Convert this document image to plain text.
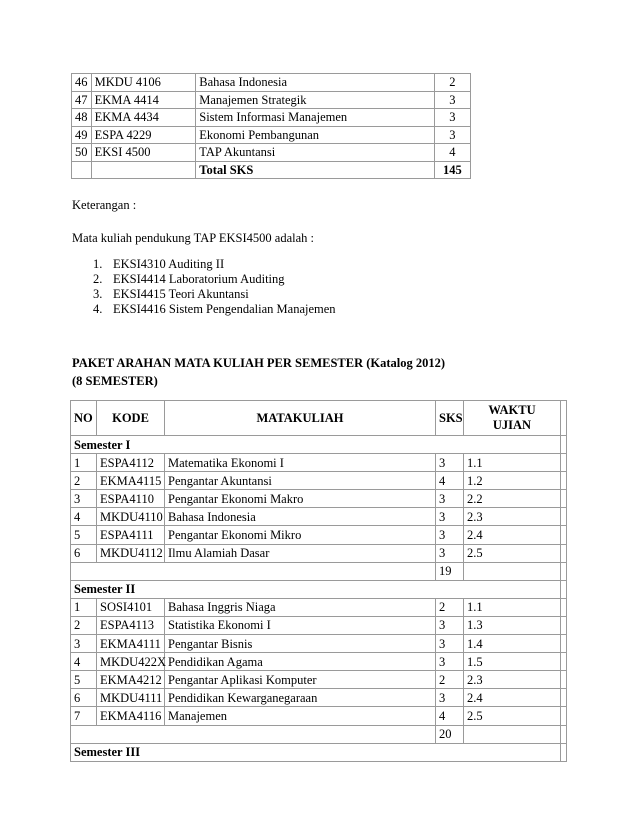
46	MKDU 4106	Bahasa Indonesia	2
47	EKMA 4414	Manajemen Strategik	3
48	EKMA 4434	Sistem Informasi Manajemen	3
49	ESPA 4229	Ekonomi Pembangunan	3
50	EKSI 4500	TAP Akuntansi	4
		Total SKS	145

Keterangan :

Mata kuliah pendukung TAP EKSI4500 adalah :

1. EKSI4310 Auditing II
2. EKSI4414 Laboratorium Auditing
3. EKSI4415 Teori Akuntansi
4. EKSI4416 Sistem Pengendalian Manajemen
PAKET ARAHAN MATA KULIAH PER SEMESTER (Katalog 2012)
(8 SEMESTER)
NO	KODE	MATAKULIAH	SKS	WAKTU
UJIAN	

Semester I					
1	ESPA4112	Matematika Ekonomi I	3	1.1	
2	EKMA4115	Pengantar Akuntansi	4	1.2	
3	ESPA4110	Pengantar Ekonomi Makro	3	2.2	
4	MKDU4110	Bahasa Indonesia	3	2.3	
5	ESPA4111	Pengantar Ekonomi Mikro	3	2.4	
6	MKDU4112	Ilmu Alamiah Dasar	3	2.5	
			19		
Semester II					
1	SOSI4101	Bahasa Inggris Niaga	2	1.1	
2	ESPA4113	Statistika Ekonomi I	3	1.3	
3	EKMA4111	Pengantar Bisnis	3	1.4	
4	MKDU422X	Pendidikan Agama	3	1.5	
5	EKMA4212	Pengantar Aplikasi Komputer	2	2.3	
6	MKDU4111	Pendidikan Kewarganegaraan	3	2.4	
7	EKMA4116	Manajemen	4	2.5	
			20		
Semester III					
